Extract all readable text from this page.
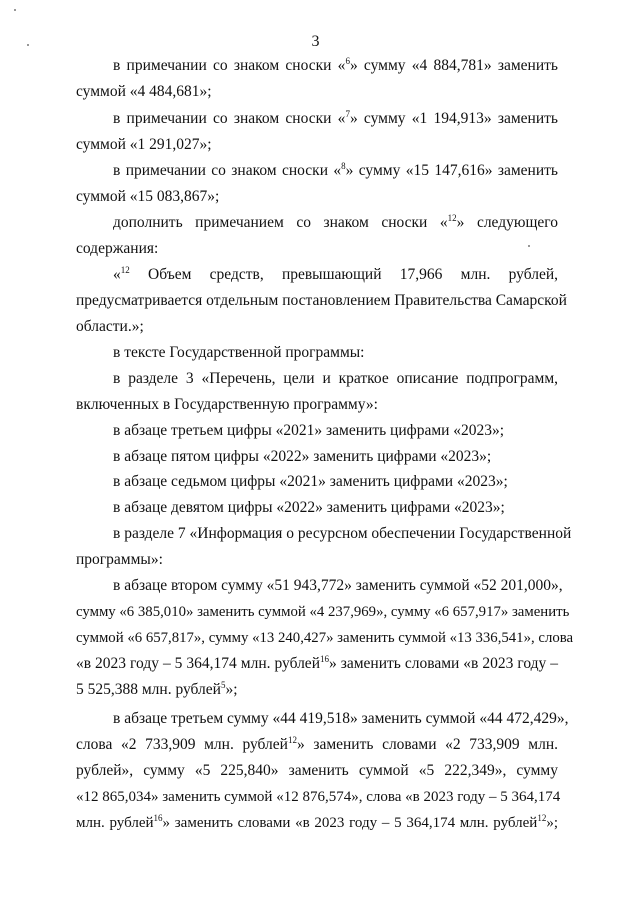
3
в примечании со знаком сноски «$^6$» сумму «4 884,781» заменить
суммой «4 484,681»;
в примечании со знаком сноски «$^7$» сумму «1 194,913» заменить
суммой «1 291,027»;
в примечании со знаком сноски «$^8$» сумму «15 147,616» заменить
суммой «15 083,867»;
дополнить примечанием со знаком сноски «$^{12}$» следующего
содержания:
«$^{12}$ Объем средств, превышающий 17,966 млн. рублей,
предусматривается отдельным постановлением Правительства Самарской
области.»;
в тексте Государственной программы:
в разделе 3 «Перечень, цели и краткое описание подпрограмм,
включенных в Государственную программу»:
в абзаце третьем цифры «2021» заменить цифрами «2023»;
в абзаце пятом цифры «2022» заменить цифрами «2023»;
в абзаце седьмом цифры «2021» заменить цифрами «2023»;
в абзаце девятом цифры «2022» заменить цифрами «2023»;
в разделе 7 «Информация о ресурсном обеспечении Государственной
программы»:
в абзаце втором сумму «51 943,772» заменить суммой «52 201,000»,
сумму «6 385,010» заменить суммой «4 237,969», сумму «6 657,917» заменить
суммой «6 657,817», сумму «13 240,427» заменить суммой «13 336,541», слова
«в 2023 году – 5 364,174 млн. рублей$^{16}$» заменить словами «в 2023 году –
5 525,388 млн. рублей$^5$»;
в абзаце третьем сумму «44 419,518» заменить суммой «44 472,429»,
слова «2 733,909 млн. рублей$^{12}$» заменить словами «2 733,909 млн.
рублей», сумму «5 225,840» заменить суммой «5 222,349», сумму
«12 865,034» заменить суммой «12 876,574», слова «в 2023 году – 5 364,174
млн. рублей$^{16}$» заменить словами «в 2023 году – 5 364,174 млн. рублей$^{12}$»;
